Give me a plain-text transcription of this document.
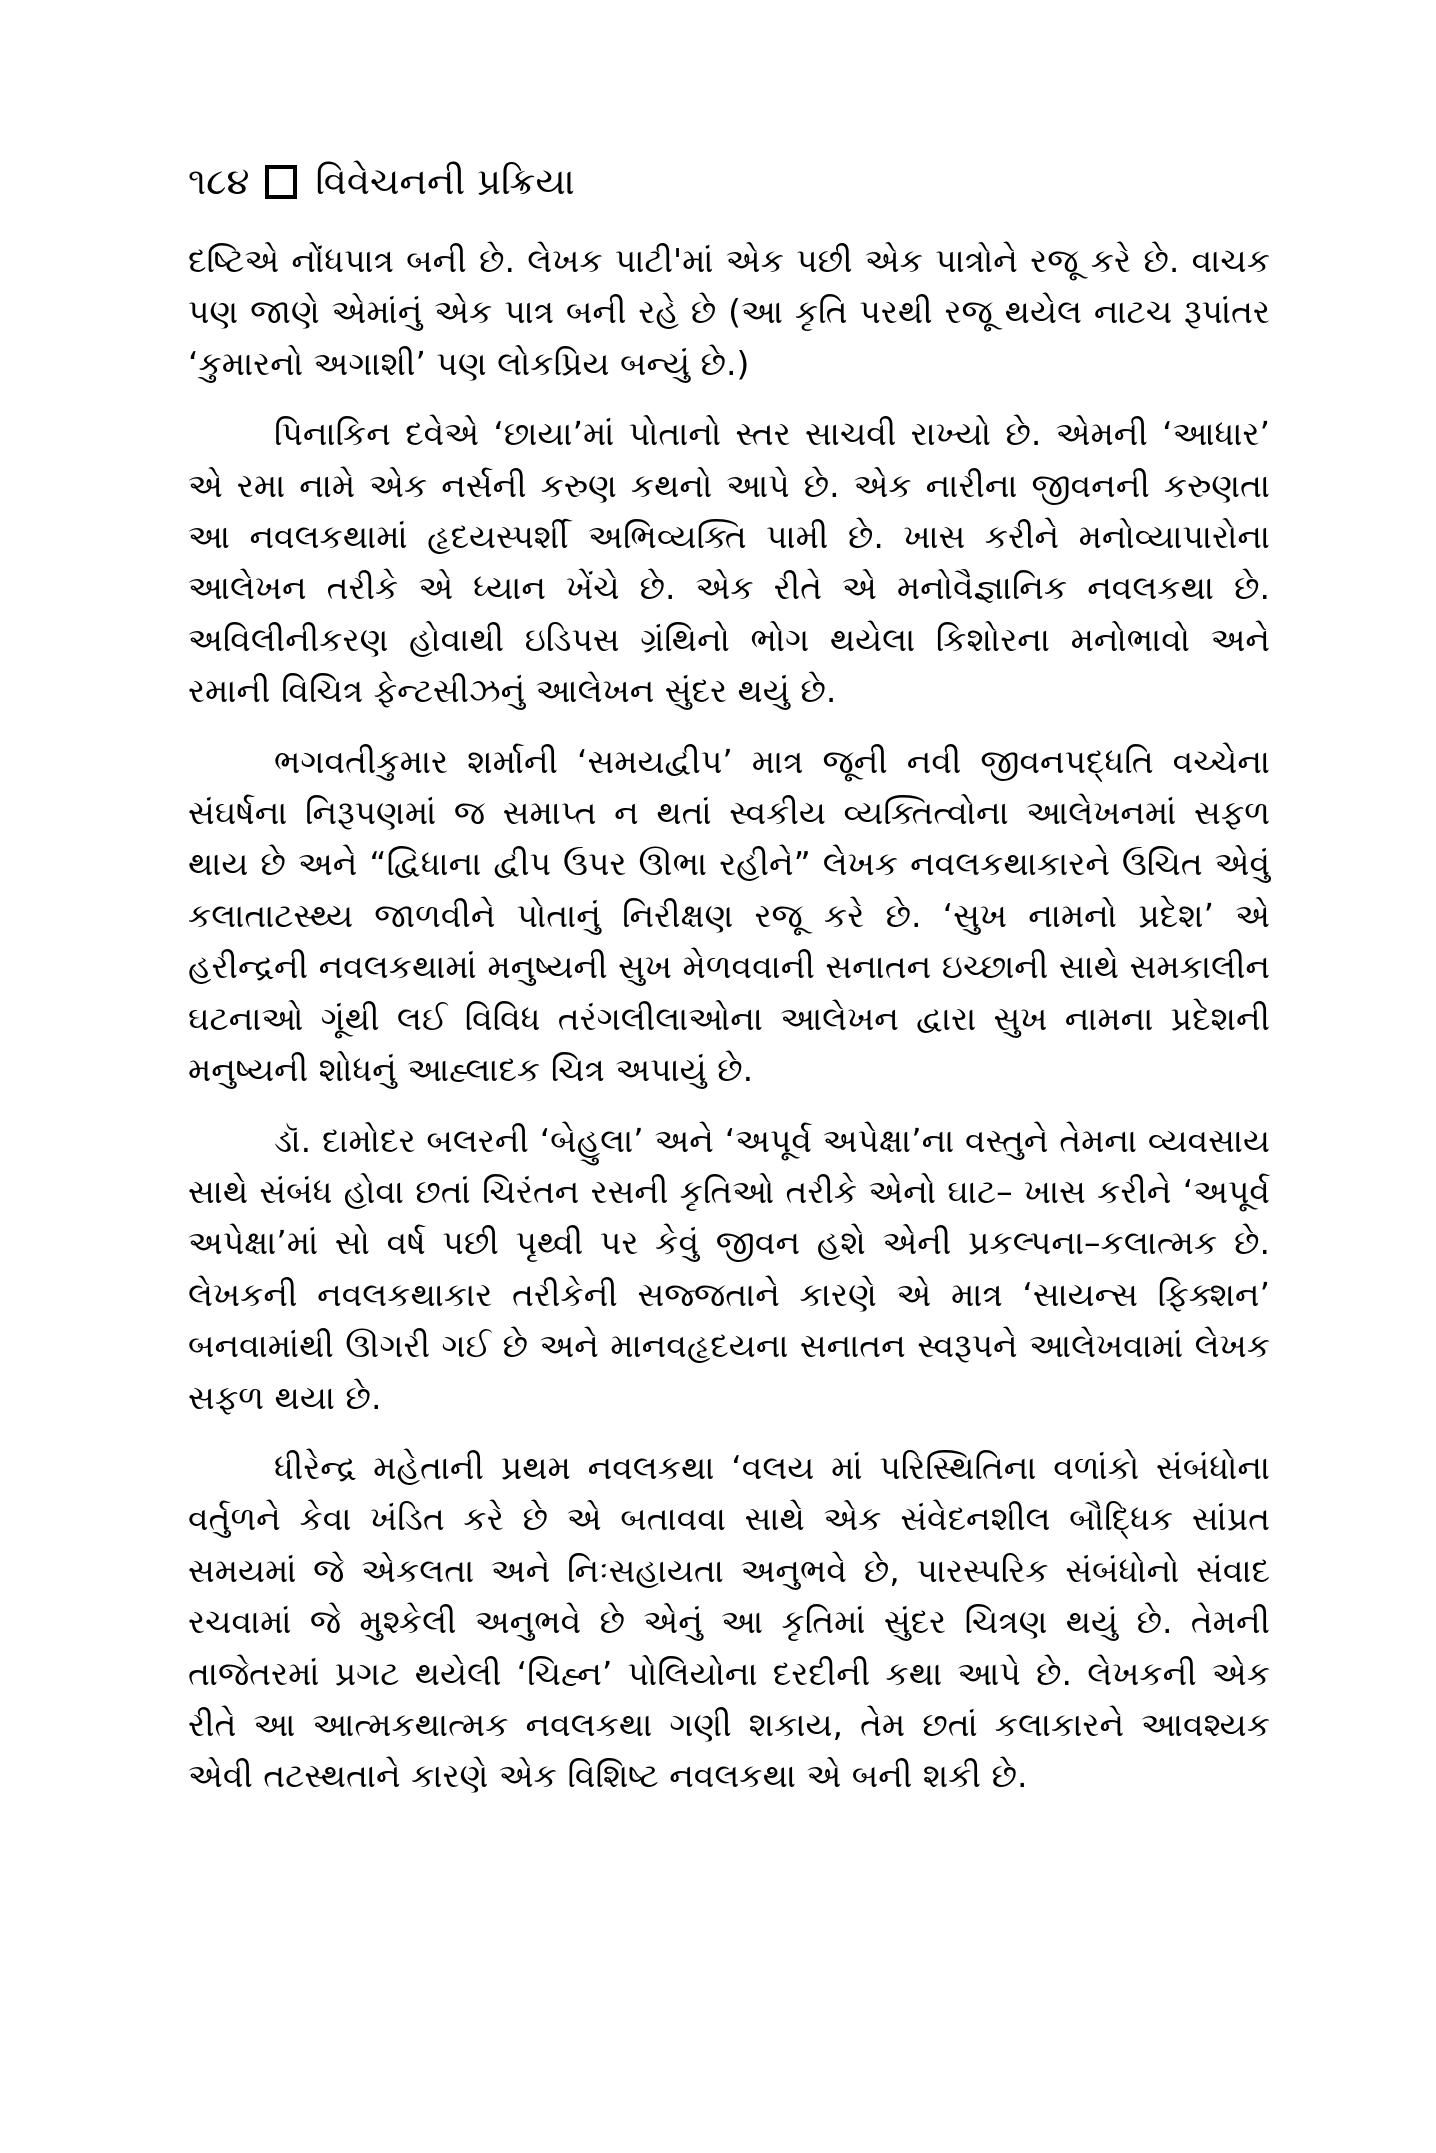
૧૮૪ વિવેચનની પ્રક્રિયા

દષ્ટિએ નોંધપાત્ર બની છે. લેખક પાટી'માં એક પછી એક પાત્રોને રજૂ કરે છે. વાચક પણ જાણે એમાંનું એક પાત્ર બની રહે છે (આ કૃતિ પરથી રજૂ થયેલ નાટચ રૂપાંતર ‘કુમારનો અગાશી’ પણ લોકપ્રિય બન્યું છે.)

પિનાકિન દવેએ ‘છાયા’માં પોતાનો સ્તર સાચવી રાખ્યો છે. એમની ‘આધાર’ એ રમા નામે એક નર્સની કરુણ કથનો આપે છે. એક નારીના જીવનની કરુણતા આ નવલકથામાં હૃદયસ્પર્શી અભિવ્યક્તિ પામી છે. ખાસ કરીને મનોવ્યાપારોના આલેખન તરીકે એ ધ્યાન ખેંચે છે. એક રીતે એ મનોવૈજ્ઞાનિક નવલકથા છે. અવિલીનીકરણ હોવાથી ઇડિપસ ગ્રંથિનો ભોગ થયેલા કિશોરના મનોભાવો અને રમાની વિચિત્ર ફેન્ટસીઝનું આલેખન સુંદર થયું છે.

ભગવતીકુમાર શર્માની ‘સમયદ્વીપ’ માત્ર જૂની નવી જીવનપદ્ધતિ વચ્ચેના સંઘર્ષના નિરૂપણમાં જ સમાપ્ત ન થતાં સ્વકીય વ્યક્તિત્વોના આલેખનમાં સફળ થાય છે અને “દ્વિધાના દ્વીપ ઉપર ઊભા રહીને” લેખક નવલકથાકારને ઉચિત એવું કલાતાટસ્થ્ય જાળવીને પોતાનું નિરીક્ષણ રજૂ કરે છે. ‘સુખ નામનો પ્રદેશ’ એ હરીન્દ્રની નવલકથામાં મનુષ્યની સુખ મેળવવાની સનાતન ઇચ્છાની સાથે સમકાલીન ઘટનાઓ ગૂંથી લઈ વિવિધ તરંગલીલાઓના આલેખન દ્વારા સુખ નામના પ્રદેશની મનુષ્યની શોધનું આહ્લાદક ચિત્ર અપાયું છે.

ડૉ. દામોદર બલરની ‘બેહુલા’ અને ‘અપૂર્વ અપેક્ષા’ના વસ્તુને તેમના વ્યવસાય સાથે સંબંધ હોવા છતાં ચિરંતન રસની કૃતિઓ તરીકે એનો ઘાટ– ખાસ કરીને ‘અપૂર્વ અપેક્ષા’માં સો વર્ષ પછી પૃથ્વી પર કેવું જીવન હશે એની પ્રકલ્પના–કલાત્મક છે. લેખકની નવલકથાકાર તરીકેની સજ્જતાને કારણે એ માત્ર ‘સાયન્સ ફિક્શન’ બનવામાંથી ઊગરી ગઈ છે અને માનવહૃદયના સનાતન સ્વરૂપને આલેખવામાં લેખક સફળ થયા છે.

ધીરેન્દ્ર મહેતાની પ્રથમ નવલકથા ‘વલય માં પરિસ્થિતિના વળાંકો સંબંધોના વર્તુળને કેવા ખંડિત કરે છે એ બતાવવા સાથે એક સંવેદનશીલ બૌદ્ધિક સાંપ્રત સમયમાં જે એકલતા અને નિઃસહાયતા અનુભવે છે, પારસ્પરિક સંબંધોનો સંવાદ રચવામાં જે મુશ્કેલી અનુભવે છે એનું આ કૃતિમાં સુંદર ચિત્રણ થયું છે. તેમની તાજેતરમાં પ્રગટ થયેલી ‘ચિહ્ન’ પોલિયોના દરદીની કથા આપે છે. લેખકની એક રીતે આ આત્મકથાત્મક નવલકથા ગણી શકાય, તેમ છતાં કલાકારને આવશ્યક એવી તટસ્થતાને કારણે એક વિશિષ્ટ નવલકથા એ બની શકી છે.
